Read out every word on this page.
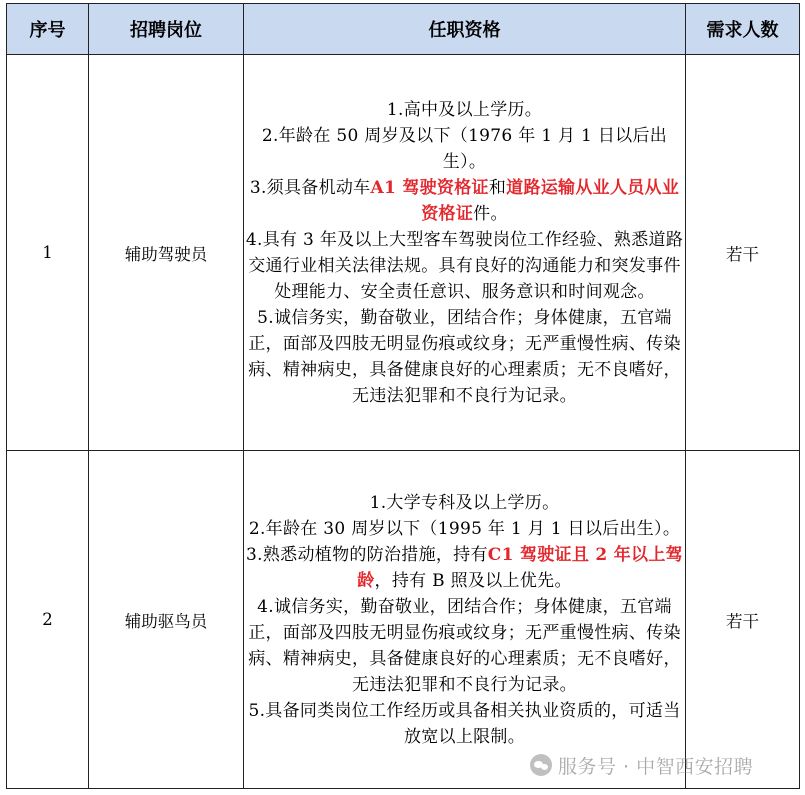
序号	招聘岗位	任职资格	需求人数
1	辅助驾驶员	1.高中及以上学历。
2.年龄在 50 周岁及以下（1976 年 1 月 1 日以后出生）。
3.须具备机动车A1 驾驶资格证和道路运输从业人员从业资格证件。
4.具有 3 年及以上大型客车驾驶岗位工作经验、熟悉道路交通行业相关法律法规。具有良好的沟通能力和突发事件处理能力、安全责任意识、服务意识和时间观念。
5.诚信务实，勤奋敬业，团结合作；身体健康，五官端正，面部及四肢无明显伤痕或纹身；无严重慢性病、传染病、精神病史，具备健康良好的心理素质；无不良嗜好，无违法犯罪和不良行为记录。	若干
2	辅助驱鸟员	1.大学专科及以上学历。
2.年龄在 30 周岁以下（1995 年 1 月 1 日以后出生）。
3.熟悉动植物的防治措施，持有C1 驾驶证且 2 年以上驾龄，持有 B 照及以上优先。
4.诚信务实，勤奋敬业，团结合作；身体健康，五官端正，面部及四肢无明显伤痕或纹身；无严重慢性病、传染病、精神病史，具备健康良好的心理素质；无不良嗜好，无违法犯罪和不良行为记录。
5.具备同类岗位工作经历或具备相关执业资质的，可适当放宽以上限制。	若干
服务号 · 中智西安招聘
